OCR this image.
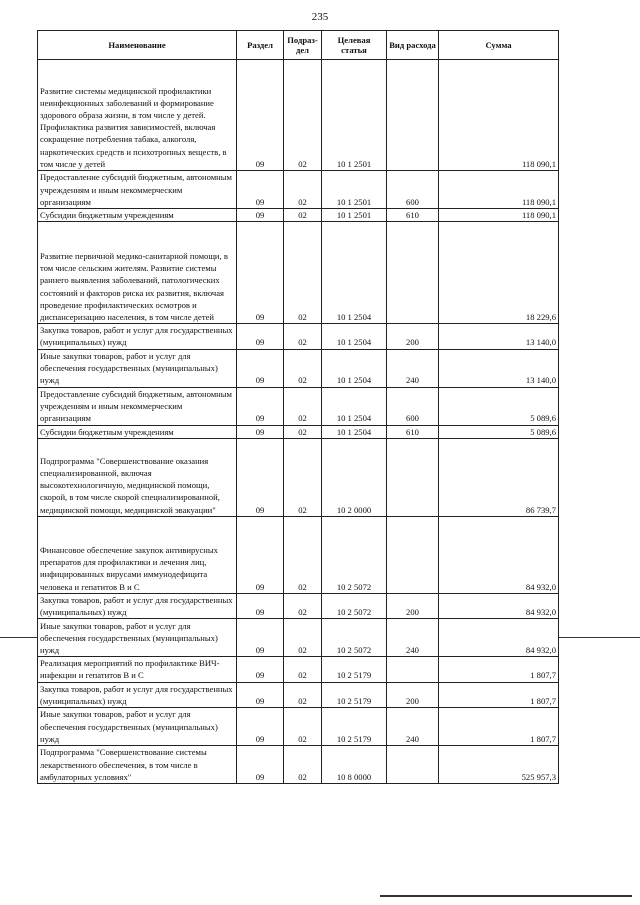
235
Наименование	Раздел	Подраз-дел	Целевая статья	Вид расхода	Сумма
Развитие системы медицинской профилактики неинфекционных заболеваний и формирование здорового образа жизни, в том числе у детей. Профилактика развития зависимостей, включая сокращение потребления табака, алкоголя, наркотических средств и психотропных веществ, в том числе у детей	09	02	10 1 2501		118 090,1
Предоставление субсидий бюджетным, автономным учреждениям и иным некоммерческим организациям	09	02	10 1 2501	600	118 090,1
Субсидии бюджетным учреждениям	09	02	10 1 2501	610	118 090,1
Развитие первичной медико-санитарной помощи, в том числе сельским жителям. Развитие системы раннего выявления заболеваний, патологических состояний и факторов риска их развития, включая проведение профилактических осмотров и диспансеризацию населения, в том числе детей	09	02	10 1 2504		18 229,6
Закупка товаров, работ и услуг для государственных (муниципальных) нужд	09	02	10 1 2504	200	13 140,0
Иные закупки товаров, работ и услуг для обеспечения государственных (муниципальных) нужд	09	02	10 1 2504	240	13 140,0
Предоставление субсидий бюджетным, автономным учреждениям и иным некоммерческим организациям	09	02	10 1 2504	600	5 089,6
Субсидии бюджетным учреждениям	09	02	10 1 2504	610	5 089,6
Подпрограмма "Совершенствование оказания специализированной, включая высокотехнологичную, медицинской помощи, скорой, в том числе скорой специализированной, медицинской помощи, медицинской эвакуации"	09	02	10 2 0000		86 739,7
Финансовое обеспечение закупок антивирусных препаратов для профилактики и лечения лиц, инфицированных вирусами иммунодефицита человека и гепатитов В и С	09	02	10 2 5072		84 932,0
Закупка товаров, работ и услуг для государственных (муниципальных) нужд	09	02	10 2 5072	200	84 932,0
Иные закупки товаров, работ и услуг для обеспечения государственных (муниципальных) нужд	09	02	10 2 5072	240	84 932,0
Реализация мероприятий по профилактике ВИЧ-инфекции и гепатитов В и С	09	02	10 2 5179		1 807,7
Закупка товаров, работ и услуг для государственных (муниципальных) нужд	09	02	10 2 5179	200	1 807,7
Иные закупки товаров, работ и услуг для обеспечения государственных (муниципальных) нужд	09	02	10 2 5179	240	1 807,7
Подпрограмма "Совершенствование системы лекарственного обеспечения, в том числе в амбулаторных условиях"	09	02	10 8 0000		525 957,3
